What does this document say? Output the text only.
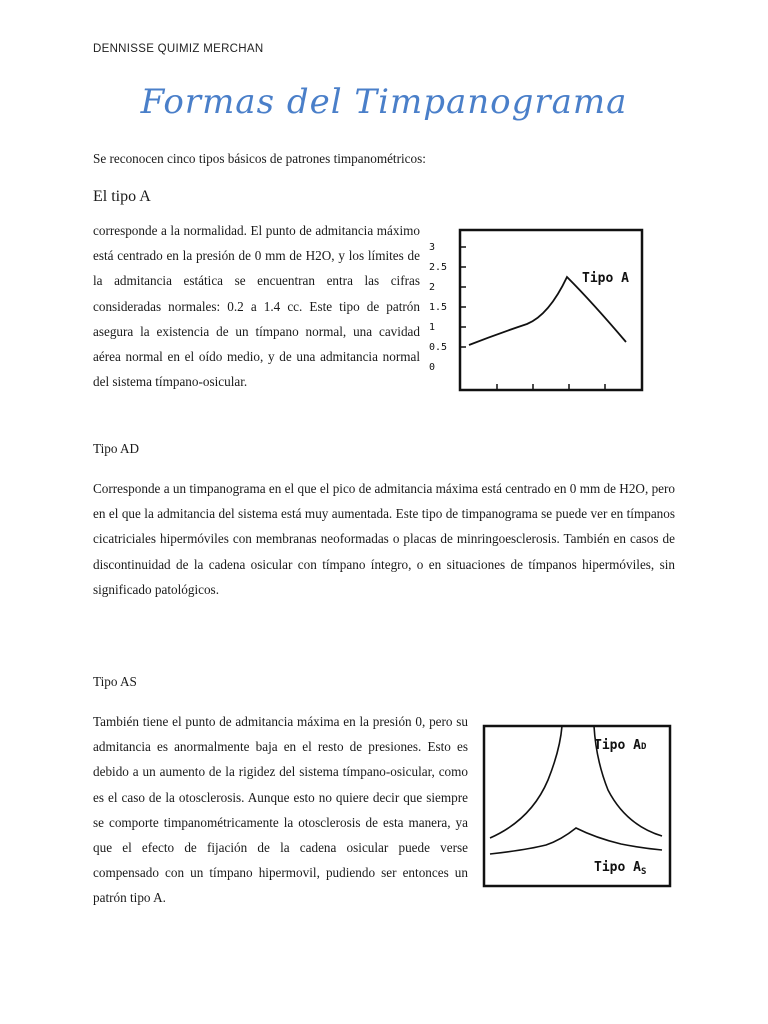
DENNISSE QUIMIZ MERCHAN
Formas del Timpanograma
Se reconocen cinco tipos básicos de patrones timpanométricos:
El tipo A
corresponde a la normalidad. El punto de admitancia máximo está centrado en la presión de 0 mm de H2O, y los límites de la admitancia estática se encuentran entra las cifras consideradas normales: 0.2 a 1.4 cc. Este tipo de patrón asegura la existencia de un tímpano normal, una cavidad aérea normal en el oído medio, y de una admitancia normal del sistema tímpano-osicular.
3
2.5
2
1.5
1
0.5
0
Tipo A
Tipo AD
Corresponde a un timpanograma en el que el pico de admitancia máxima está centrado en 0 mm de H2O, pero en el que la admitancia del sistema está muy aumentada. Este tipo de timpanograma se puede ver en tímpanos cicatriciales hipermóviles con membranas neoformadas o placas de minringoesclerosis. También en casos de discontinuidad de la cadena osicular con tímpano íntegro, o en situaciones de tímpanos hipermóviles, sin significado patológicos.
Tipo AS
También tiene el punto de admitancia máxima en la presión 0, pero su admitancia es anormalmente baja en el resto de presiones. Esto es debido a un aumento de la rigidez del sistema tímpano-osicular, como es el caso de la otosclerosis. Aunque esto no quiere decir que siempre se comporte timpanométricamente la otosclerosis de esta manera, ya que el efecto de fijación de la cadena osicular puede verse compensado con un tímpano hipermovil, pudiendo ser entonces un patrón tipo A.
Tipo AD
Tipo $A_S$
